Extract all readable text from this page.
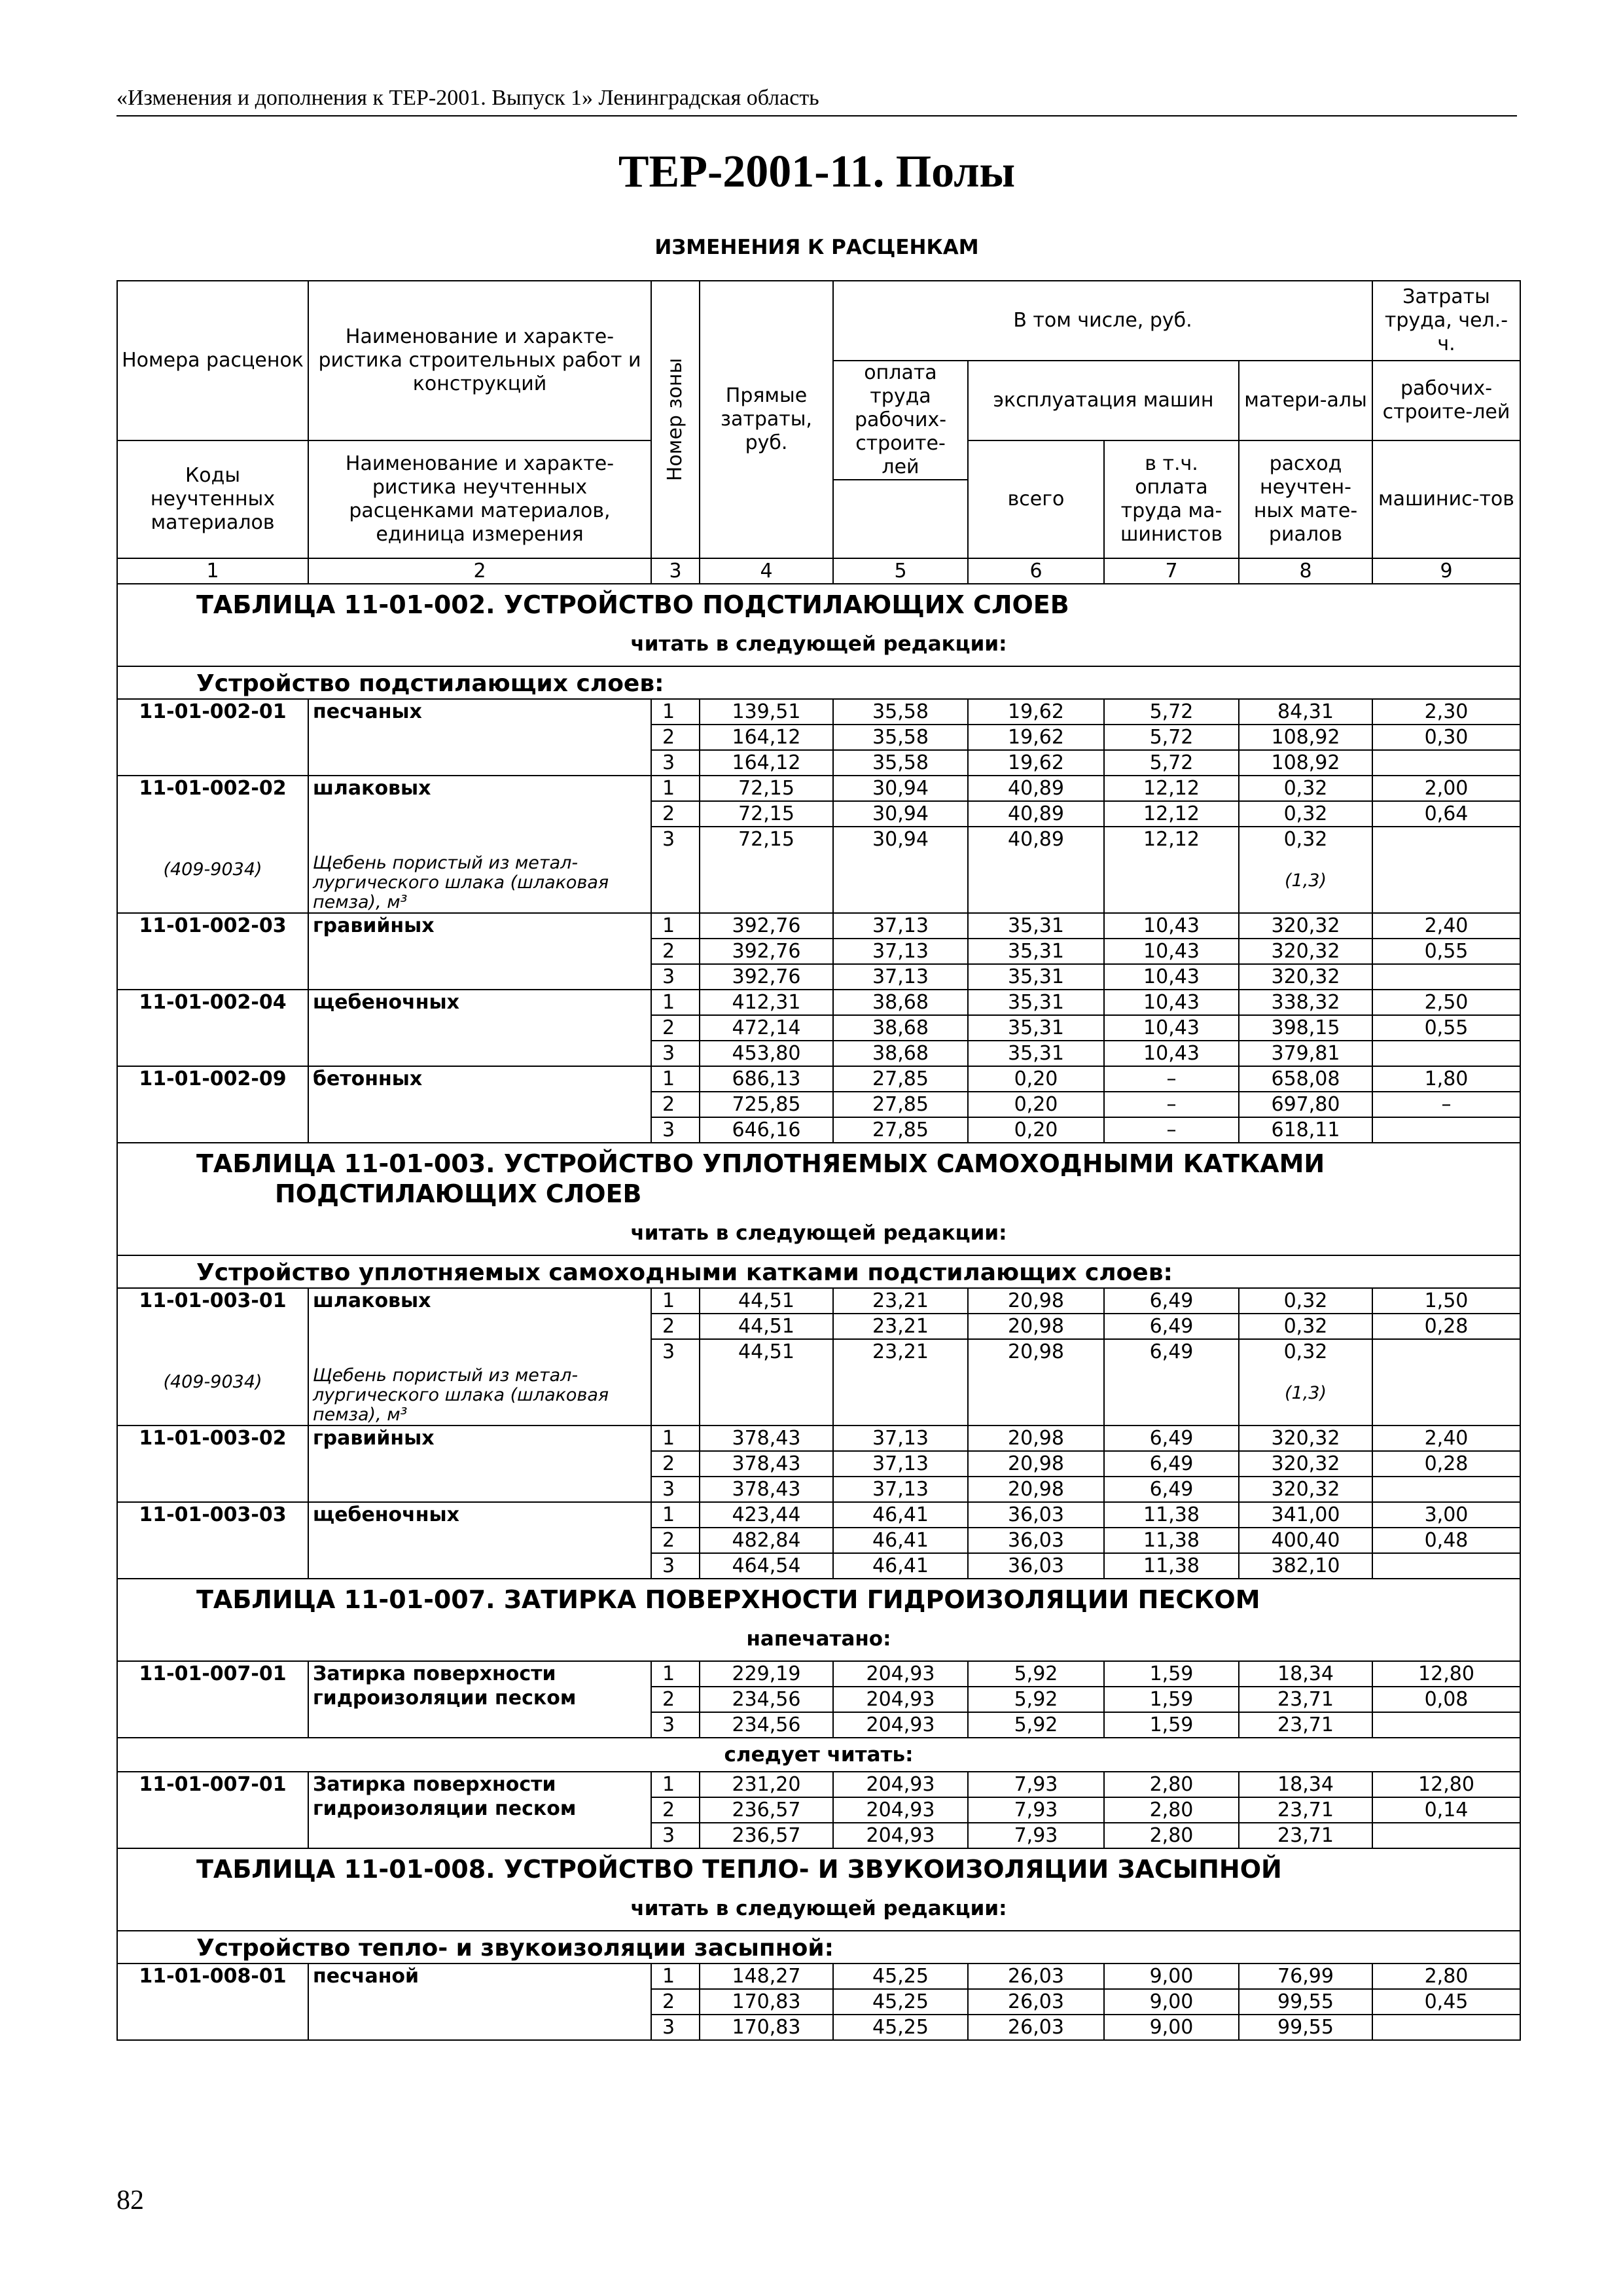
«Изменения и дополнения к ТЕР-2001. Выпуск 1» Ленинградская область
ТЕР-2001-11. Полы
ИЗМЕНЕНИЯ К РАСЦЕНКАМ
Номера расценок	Наименование и характе-ристика строительных работ и конструкций	Номер зоны	Прямые затраты, руб.	В том числе, руб.				Затраты труда, чел.-ч.
				оплата труда рабочих-строите-лей	эксплуатация машин		матери-алы	рабочих-строите-лей
Коды неучтенных материалов	Наименование и характе-ристика неучтенных расценками материалов, единица измерения				всего	в т.ч. оплата труда ма-шинистов	расход неучтен-ных мате-риалов	машинис-тов

1	2	3	4	5	6	7	8	9
ТАБЛИЦА 11-01-002. УСТРОЙСТВО ПОДСТИЛАЮЩИХ СЛОЕВ								
читать в следующей редакции:								
Устройство подстилающих слоев:								
11-01-002-01	песчаных	1	139,51	35,58	19,62	5,72	84,31	2,30
		2	164,12	35,58	19,62	5,72	108,92	0,30
		3	164,12	35,58	19,62	5,72	108,92	
11-01-002-02	шлаковых	1	72,15	30,94	40,89	12,12	0,32	2,00
		2	72,15	30,94	40,89	12,12	0,32	0,64
(409-9034)	Щебень пористый из метал-лургического шлака (шлаковая пемза), м³	3	72,15	30,94	40,89	12,12	0,32
(1,3)	

11-01-002-03	гравийных	1	392,76	37,13	35,31	10,43	320,32	2,40
		2	392,76	37,13	35,31	10,43	320,32	0,55
		3	392,76	37,13	35,31	10,43	320,32	
11-01-002-04	щебеночных	1	412,31	38,68	35,31	10,43	338,32	2,50
		2	472,14	38,68	35,31	10,43	398,15	0,55
		3	453,80	38,68	35,31	10,43	379,81	
11-01-002-09	бетонных	1	686,13	27,85	0,20	–	658,08	1,80
		2	725,85	27,85	0,20	–	697,80	–
		3	646,16	27,85	0,20	–	618,11	
ТАБЛИЦА 11-01-003. УСТРОЙСТВО УПЛОТНЯЕМЫХ САМОХОДНЫМИ КАТКАМИ
ПОДСТИЛАЮЩИХ СЛОЕВ								

читать в следующей редакции:								
Устройство уплотняемых самоходными катками подстилающих слоев:								
11-01-003-01	шлаковых	1	44,51	23,21	20,98	6,49	0,32	1,50
		2	44,51	23,21	20,98	6,49	0,32	0,28
(409-9034)	Щебень пористый из метал-лургического шлака (шлаковая пемза), м³	3	44,51	23,21	20,98	6,49	0,32
(1,3)	

11-01-003-02	гравийных	1	378,43	37,13	20,98	6,49	320,32	2,40
		2	378,43	37,13	20,98	6,49	320,32	0,28
		3	378,43	37,13	20,98	6,49	320,32	
11-01-003-03	щебеночных	1	423,44	46,41	36,03	11,38	341,00	3,00
		2	482,84	46,41	36,03	11,38	400,40	0,48
		3	464,54	46,41	36,03	11,38	382,10	
ТАБЛИЦА 11-01-007. ЗАТИРКА ПОВЕРХНОСТИ ГИДРОИЗОЛЯЦИИ ПЕСКОМ								
напечатано:								
11-01-007-01	Затирка поверхности гидроизоляции песком	1	229,19	204,93	5,92	1,59	18,34	12,80
		2	234,56	204,93	5,92	1,59	23,71	0,08
		3	234,56	204,93	5,92	1,59	23,71	
следует читать:								
11-01-007-01	Затирка поверхности гидроизоляции песком	1	231,20	204,93	7,93	2,80	18,34	12,80
		2	236,57	204,93	7,93	2,80	23,71	0,14
		3	236,57	204,93	7,93	2,80	23,71	
ТАБЛИЦА 11-01-008. УСТРОЙСТВО ТЕПЛО- И ЗВУКОИЗОЛЯЦИИ ЗАСЫПНОЙ								
читать в следующей редакции:								
Устройство тепло- и звукоизоляции засыпной:								
11-01-008-01	песчаной	1	148,27	45,25	26,03	9,00	76,99	2,80
		2	170,83	45,25	26,03	9,00	99,55	0,45
		3	170,83	45,25	26,03	9,00	99,55	
82
